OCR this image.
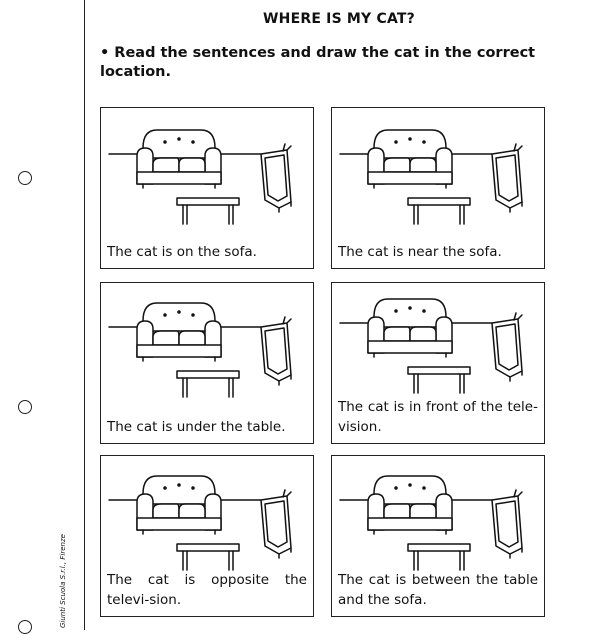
WHERE IS MY CAT?
• Read the sentences and draw the cat in the correct location.
The cat is on the sofa.	The cat is near the sofa.
The cat is under the table.
The cat is in front of the tele-vision.
The cat is opposite the televi-sion.
The cat is between the table and the sofa.
Giunti Scuola S.r.l., Firenze
